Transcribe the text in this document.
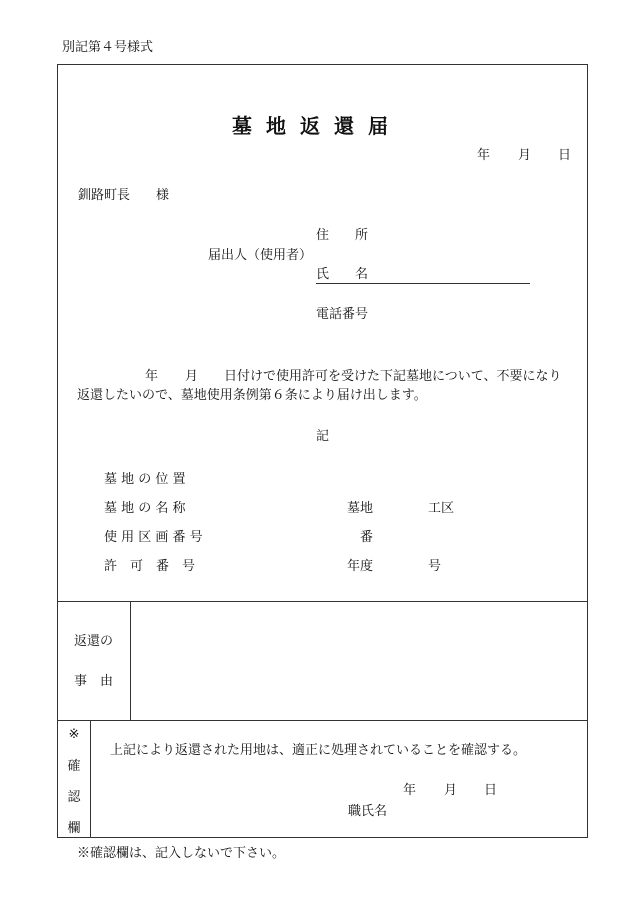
別記第４号様式
墓地返還届
年 月 日
釧路町長　　様
住　　所
届出人（使用者）
氏　　名
電話番号
年 月 日付けで使用許可を受けた下記墓地について、不要になり
返還したいので、墓地使用条例第６条により届け出します。
記
墓 地 の 位 置
墓 地 の 名 称	墓地	工区
使 用 区 画 番 号	番
許　可　番　号	年度	号
返還の
事　由
※
確
認
欄
上記により返還された用地は、適正に処理されていることを確認する。
年 月 日
職氏名
※確認欄は、記入しないで下さい。
